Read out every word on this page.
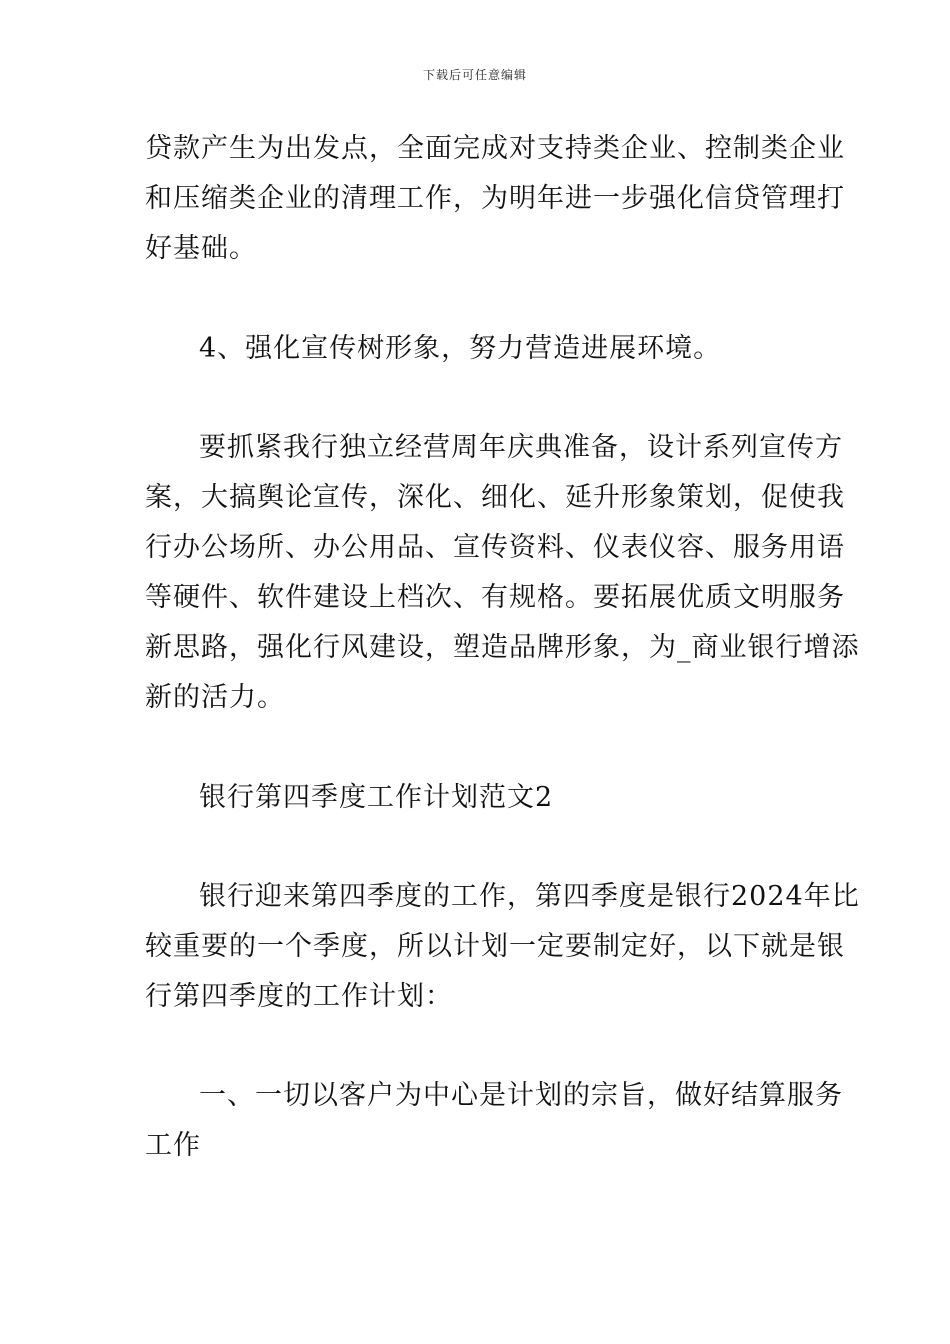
下载后可任意编辑
贷款产生为出发点，全面完成对支持类企业、控制类企业
和压缩类企业的清理工作，为明年进一步强化信贷管理打
好基础。
4、强化宣传树形象，努力营造进展环境。
要抓紧我行独立经营周年庆典准备，设计系列宣传方
案，大搞舆论宣传，深化、细化、延升形象策划，促使我
行办公场所、办公用品、宣传资料、仪表仪容、服务用语
等硬件、软件建设上档次、有规格。要拓展优质文明服务
新思路，强化行风建设，塑造品牌形象，为_商业银行增添
新的活力。
银行第四季度工作计划范文2
银行迎来第四季度的工作，第四季度是银行2024年比
较重要的一个季度，所以计划一定要制定好，以下就是银
行第四季度的工作计划：
一、一切以客户为中心是计划的宗旨，做好结算服务
工作
